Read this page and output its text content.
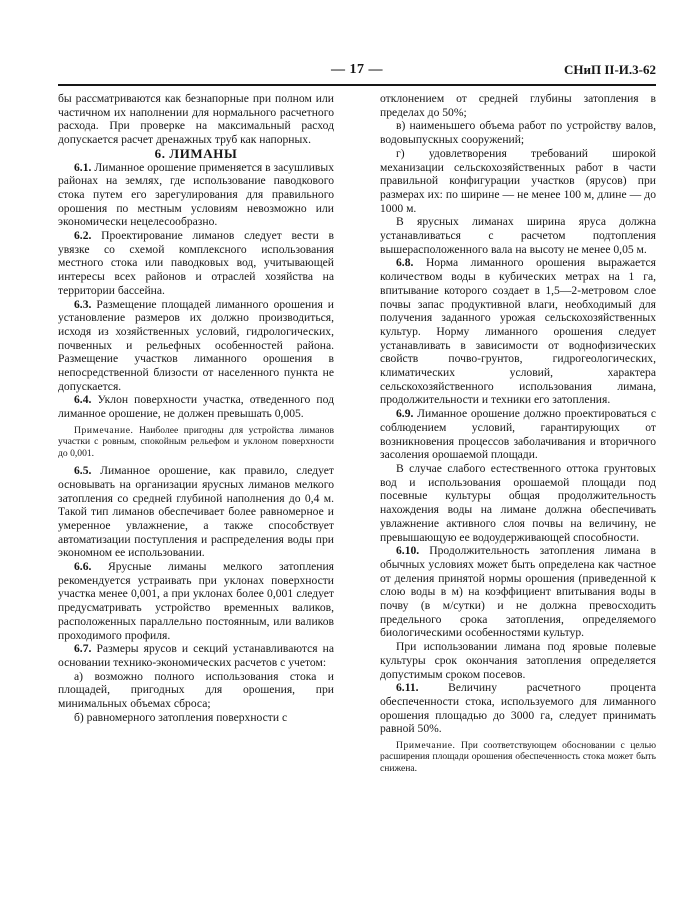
— 17 —	СНиП II-И.3-62

бы рассматриваются как безнапорные при полном или частичном их наполнении для нормального расчетного расхода. При проверке на максимальный расход допускается расчет дренажных труб как напорных.

6. ЛИМАНЫ

6.1. Лиманное орошение применяется в засушливых районах на землях, где использование паводкового стока путем его зарегулирования для правильного орошения по местным условиям невозможно или экономически нецелесообразно.

6.2. Проектирование лиманов следует вести в увязке со схемой комплексного использования местного стока или паводковых вод, учитывающей интересы всех районов и отраслей хозяйства на территории бассейна.

6.3. Размещение площадей лиманного орошения и установление размеров их должно производиться, исходя из хозяйственных условий, гидрологических, почвенных и рельефных особенностей района. Размещение участков лиманного орошения в непосредственной близости от населенного пункта не допускается.

6.4. Уклон поверхности участка, отведенного под лиманное орошение, не должен превышать 0,005.

Примечание. Наиболее пригодны для устройства лиманов участки с ровным, спокойным рельефом и уклоном поверхности до 0,001.

6.5. Лиманное орошение, как правило, следует основывать на организации ярусных лиманов мелкого затопления со средней глубиной наполнения до 0,4 м. Такой тип лиманов обеспечивает более равномерное и умеренное увлажнение, а также способствует автоматизации поступления и распределения воды при экономном ее использовании.

6.6. Ярусные лиманы мелкого затопления рекомендуется устраивать при уклонах поверхности участка менее 0,001, а при уклонах более 0,001 следует предусматривать устройство временных валиков, расположенных параллельно постоянным, или валиков проходимого профиля.

6.7. Размеры ярусов и секций устанавливаются на основании технико-экономических расчетов с учетом:

а) возможно полного использования стока и площадей, пригодных для орошения, при минимальных объемах сброса;

б) равномерного затопления поверхности с

отклонением от средней глубины затопления в пределах до 50%;

в) наименьшего объема работ по устройству валов, водовыпускных сооружений;

г) удовлетворения требований широкой механизации сельскохозяйственных работ в части правильной конфигурации участков (ярусов) при размерах их: по ширине — не менее 100 м, длине — до 1000 м.

В ярусных лиманах ширина яруса должна устанавливаться с расчетом подтопления вышерасположенного вала на высоту не менее 0,05 м.

6.8. Норма лиманного орошения выражается количеством воды в кубических метрах на 1 га, впитывание которого создает в 1,5—2-метровом слое почвы запас продуктивной влаги, необходимый для получения заданного урожая сельскохозяйственных культур. Норму лиманного орошения следует устанавливать в зависимости от воднофизических свойств почво-грунтов, гидрогеологических, климатических условий, характера сельскохозяйственного использования лимана, продолжительности и техники его затопления.

6.9. Лиманное орошение должно проектироваться с соблюдением условий, гарантирующих от возникновения процессов заболачивания и вторичного засоления орошаемой площади.

В случае слабого естественного оттока грунтовых вод и использования орошаемой площади под посевные культуры общая продолжительность нахождения воды на лимане должна обеспечивать увлажнение активного слоя почвы на величину, не превышающую ее водоудерживающей способности.

6.10. Продолжительность затопления лимана в обычных условиях может быть определена как частное от деления принятой нормы орошения (приведенной к слою воды в м) на коэффициент впитывания воды в почву (в м/сутки) и не должна превосходить предельного срока затопления, определяемого биологическими особенностями культур.

При использовании лимана под яровые полевые культуры срок окончания затопления определяется допустимым сроком посевов.

6.11.	Величину расчетного процента обеспеченности стока, используемого для лиманного орошения площадью до 3000 га, следует принимать равной 50%.

Примечание. При соответствующем обосновании с целью расширения площади орошения обеспеченность стока может быть снижена.
